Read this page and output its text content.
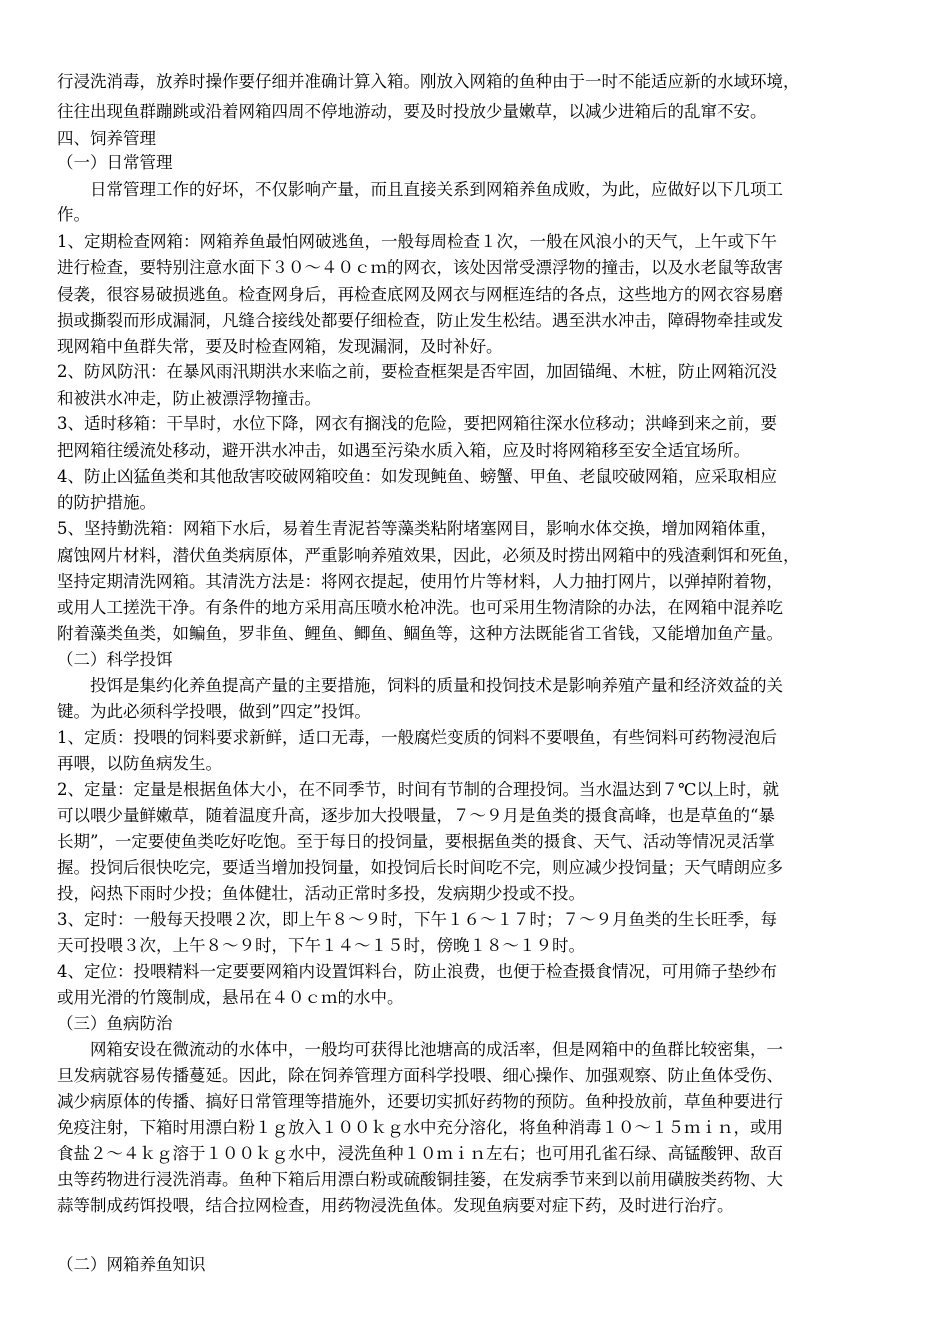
行浸洗消毒，放养时操作要仔细并准确计算入箱。刚放入网箱的鱼种由于一时不能适应新的水域环境，
往往出现鱼群蹦跳或沿着网箱四周不停地游动，要及时投放少量嫩草，以减少进箱后的乱窜不安。
四、饲养管理
（一）日常管理
　　日常管理工作的好坏，不仅影响产量，而且直接关系到网箱养鱼成败，为此，应做好以下几项工
作。
1、定期检查网箱：网箱养鱼最怕网破逃鱼，一般每周检查１次，一般在风浪小的天气，上午或下午
进行检查，要特别注意水面下３０～４０ｃｍ的网衣，该处因常受漂浮物的撞击，以及水老鼠等敌害
侵袭，很容易破损逃鱼。检查网身后，再检查底网及网衣与网框连结的各点，这些地方的网衣容易磨
损或撕裂而形成漏洞，凡缝合接线处都要仔细检查，防止发生松结。遇至洪水冲击，障碍物牵挂或发
现网箱中鱼群失常，要及时检查网箱，发现漏洞，及时补好。
2、防风防汛：在暴风雨汛期洪水来临之前，要检查框架是否牢固，加固锚绳、木桩，防止网箱沉没
和被洪水冲走，防止被漂浮物撞击。
3、适时移箱：干旱时，水位下降，网衣有搁浅的危险，要把网箱往深水位移动；洪峰到来之前，要
把网箱往缓流处移动，避开洪水冲击，如遇至污染水质入箱，应及时将网箱移至安全适宜场所。
4、防止凶猛鱼类和其他敌害咬破网箱咬鱼：如发现鲀鱼、螃蟹、甲鱼、老鼠咬破网箱，应采取相应
的防护措施。
5、坚持勤洗箱：网箱下水后，易着生青泥苔等藻类粘附堵塞网目，影响水体交换，增加网箱体重，
腐蚀网片材料，潜伏鱼类病原体，严重影响养殖效果，因此，必须及时捞出网箱中的残渣剩饵和死鱼，
坚持定期清洗网箱。其清洗方法是：将网衣提起，使用竹片等材料，人力抽打网片，以弹掉附着物，
或用人工搓洗干净。有条件的地方采用高压喷水枪冲洗。也可采用生物清除的办法，在网箱中混养吃
附着藻类鱼类，如鳊鱼，罗非鱼、鲤鱼、鲫鱼、鲴鱼等，这种方法既能省工省钱，又能增加鱼产量。
（二）科学投饵
　　投饵是集约化养鱼提高产量的主要措施，饲料的质量和投饲技术是影响养殖产量和经济效益的关
键。为此必须科学投喂，做到”四定”投饵。
1、定质：投喂的饲料要求新鲜，适口无毒，一般腐烂变质的饲料不要喂鱼，有些饲料可药物浸泡后
再喂，以防鱼病发生。
2、定量：定量是根据鱼体大小，在不同季节，时间有节制的合理投饲。当水温达到７℃以上时，就
可以喂少量鲜嫩草，随着温度升高，逐步加大投喂量，７～９月是鱼类的摄食高峰，也是草鱼的“暴
长期”，一定要使鱼类吃好吃饱。至于每日的投饲量，要根据鱼类的摄食、天气、活动等情况灵活掌
握。投饲后很快吃完，要适当增加投饲量，如投饲后长时间吃不完，则应减少投饲量；天气晴朗应多
投，闷热下雨时少投；鱼体健壮，活动正常时多投，发病期少投或不投。
3、定时：一般每天投喂２次，即上午８～９时，下午１６～１７时；７～９月鱼类的生长旺季，每
天可投喂３次，上午８～９时，下午１４～１５时，傍晚１８～１９时。
4、定位：投喂精料一定要要网箱内设置饵料台，防止浪费，也便于检查摄食情况，可用筛子垫纱布
或用光滑的竹篾制成，悬吊在４０ｃｍ的水中。
（三）鱼病防治
　　网箱安设在微流动的水体中，一般均可获得比池塘高的成活率，但是网箱中的鱼群比较密集，一
旦发病就容易传播蔓延。因此，除在饲养管理方面科学投喂、细心操作、加强观察、防止鱼体受伤、
减少病原体的传播、搞好日常管理等措施外，还要切实抓好药物的预防。鱼种投放前，草鱼种要进行
免疫注射，下箱时用漂白粉１ｇ放入１００ｋｇ水中充分溶化，将鱼种消毒１０～１５ｍｉｎ，或用
食盐２～４ｋｇ溶于１００ｋｇ水中，浸洗鱼种１０ｍｉｎ左右；也可用孔雀石绿、高锰酸钾、敌百
虫等药物进行浸洗消毒。鱼种下箱后用漂白粉或硫酸铜挂篓，在发病季节来到以前用磺胺类药物、大
蒜等制成药饵投喂，结合拉网检查，用药物浸洗鱼体。发现鱼病要对症下药，及时进行治疗。
（二）网箱养鱼知识
